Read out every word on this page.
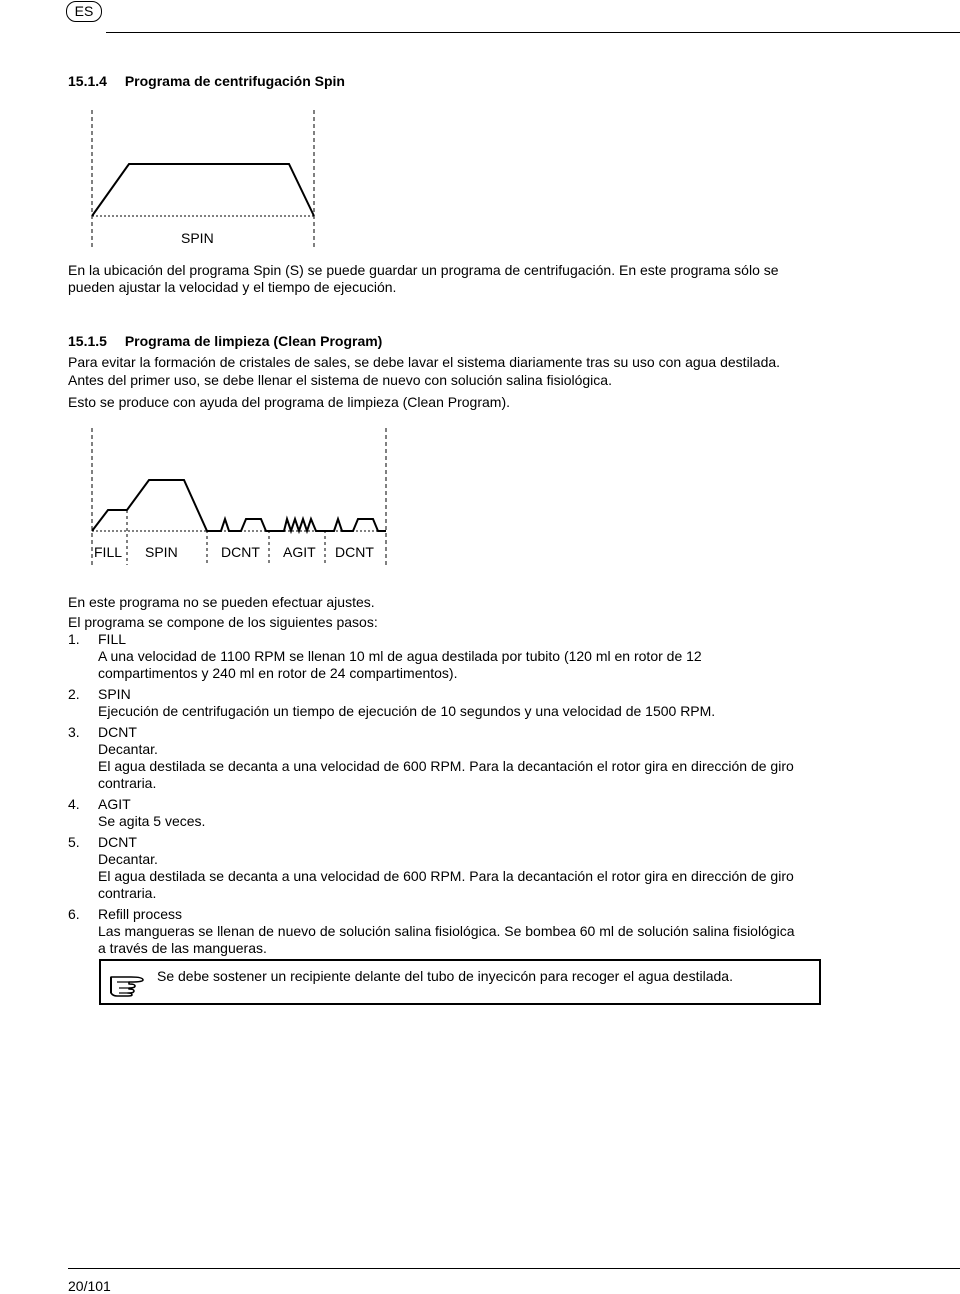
ES
15.1.4 Programa de centrifugación Spin
SPIN
En la ubicación del programa Spin (S) se puede guardar un programa de centrifugación. En este programa sólo se
pueden ajustar la velocidad y el tiempo de ejecución.
15.1.5 Programa de limpieza (Clean Program)
Para evitar la formación de cristales de sales, se debe lavar el sistema diariamente tras su uso con agua destilada.
Antes del primer uso, se debe llenar el sistema de nuevo con solución salina fisiológica.
Esto se produce con ayuda del programa de limpieza (Clean Program).
FILL SPIN	DCNT AGIT DCNT
En este programa no se pueden efectuar ajustes.
El programa se compone de los siguientes pasos:
1. FILL
A una velocidad de 1100 RPM se llenan 10 ml de agua destilada por tubito (120 ml en rotor de 12
compartimentos y 240 ml en rotor de 24 compartimentos).
2. SPIN
Ejecución de centrifugación un tiempo de ejecución de 10 segundos y una velocidad de 1500 RPM.
3. DCNT
Decantar.
El agua destilada se decanta a una velocidad de 600 RPM. Para la decantación el rotor gira en dirección de giro
contraria.
4. AGIT
Se agita 5 veces.
5. DCNT
Decantar.
El agua destilada se decanta a una velocidad de 600 RPM. Para la decantación el rotor gira en dirección de giro
contraria.
6. Refill process
Las mangueras se llenan de nuevo de solución salina fisiológica. Se bombea 60 ml de solución salina fisiológica
a través de las mangueras.
Se debe sostener un recipiente delante del tubo de inyecicón para recoger el agua destilada.
20/101
